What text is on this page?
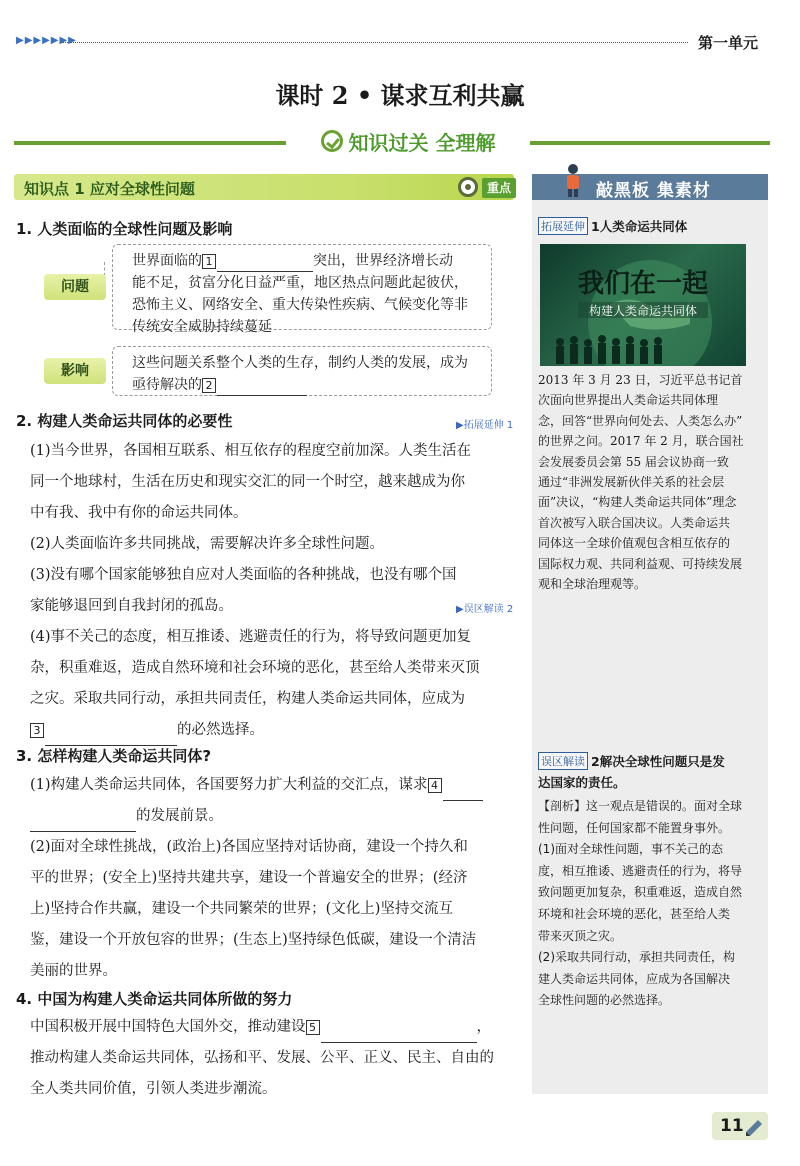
▶▶▶▶▶▶▶	第一单元
课时 2 • 谋求互利共赢
知识过关 全理解
知识点 1 应对全球性问题	重点
1. 人类面临的全球性问题及影响
问题
世界面临的 1	突出，世界经济增长动
能不足，贫富分化日益严重，地区热点问题此起彼伏，
恐怖主义、网络安全、重大传染性疾病、气候变化等非
传统安全威胁持续蔓延
影响	这些问题关系整个人类的生存，制约人类的发展，成为
亟待解决的 2
2. 构建人类命运共同体的必要性	▶拓展延伸 1
▶误区解读 2
(1)当今世界，各国相互联系、相互依存的程度空前加深。人类生活在
同一个地球村，生活在历史和现实交汇的同一个时空，越来越成为你
中有我、我中有你的命运共同体。
(2)人类面临许多共同挑战，需要解决许多全球性问题。
(3)没有哪个国家能够独自应对人类面临的各种挑战，也没有哪个国
家能够退回到自我封闭的孤岛。
(4)事不关己的态度，相互推诿、逃避责任的行为，将导致问题更加复
杂，积重难返，造成自然环境和社会环境的恶化，甚至给人类带来灭顶
之灾。采取共同行动，承担共同责任，构建人类命运共同体，应成为
3	的必然选择。
3. 怎样构建人类命运共同体?
(1)构建人类命运共同体，各国要努力扩大利益的交汇点，谋求 4
的发展前景。
(2)面对全球性挑战，(政治上)各国应坚持对话协商，建设一个持久和
平的世界；(安全上)坚持共建共享，建设一个普遍安全的世界；(经济
上)坚持合作共赢，建设一个共同繁荣的世界；(文化上)坚持交流互
鉴，建设一个开放包容的世界；(生态上)坚持绿色低碳，建设一个清洁
美丽的世界。
4. 中国为构建人类命运共同体所做的努力
中国积极开展中国特色大国外交，推动建设 5	，
推动构建人类命运共同体，弘扬和平、发展、公平、正义、民主、自由的
全人类共同价值，引领人类进步潮流。
敲黑板 集素材
拓展延伸 1人类命运共同体
我们在一起
构建人类命运共同体
2013 年 3 月 23 日，习近平总书记首
次面向世界提出人类命运共同体理
念，回答“世界向何处去、人类怎么办”
的世界之问。2017 年 2 月，联合国社
会发展委员会第 55 届会议协商一致
通过“非洲发展新伙伴关系的社会层
面”决议，“构建人类命运共同体”理念
首次被写入联合国决议。人类命运共
同体这一全球价值观包含相互依存的
国际权力观、共同利益观、可持续发展
观和全球治理观等。
误区解读 2解决全球性问题只是发
达国家的责任。
【剖析】这一观点是错误的。面对全球
性问题，任何国家都不能置身事外。
(1)面对全球性问题，事不关己的态
度，相互推诿、逃避责任的行为，将导
致问题更加复杂，积重难返，造成自然
环境和社会环境的恶化，甚至给人类
带来灭顶之灾。
(2)采取共同行动，承担共同责任，构
建人类命运共同体，应成为各国解决
全球性问题的必然选择。
11
